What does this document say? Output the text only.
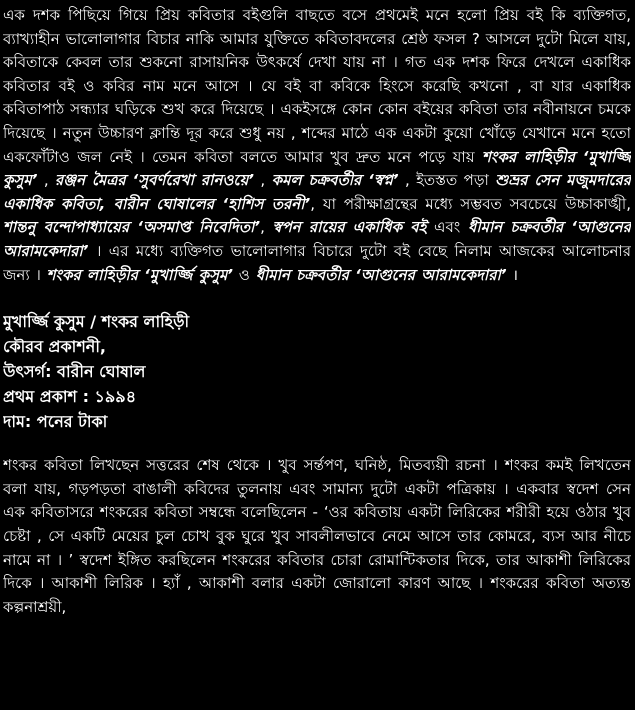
এক দশক পিছিয়ে গিয়ে প্রিয় কবিতার বইগুলি বাছতে বসে প্রথমেই মনে হলো প্রিয় বই কি ব্যক্তিগত, ব্যাখ্যাহীন ভালোলাগার বিচার নাকি আমার যুক্তিতে কবিতাবদলের শ্রেষ্ঠ ফসল ? আসলে দুটো মিলে যায়, কবিতাকে কেবল তার শুকনো রাসায়নিক উৎকর্ষে দেখা যায় না । গত এক দশক ফিরে দেখলে একাধিক কবিতার বই ও কবির নাম মনে আসে । যে বই বা কবিকে হিংসে করেছি কখনো , বা যার একাধিক কবিতাপাঠ সন্ধ্যার ঘড়িকে শুখ করে দিয়েছে । একইসঙ্গে কোন কোন বইয়ের কবিতা তার নবীনায়নে চমকে দিয়েছে । নতুন উচ্চারণ ক্লান্তি দূর করে শুধু নয় , শব্দের মাঠে এক একটা কুয়ো খোঁড়ে যেখানে মনে হতো একফোঁটাও জল নেই । তেমন কবিতা বলতে আমার খুব দ্রুত মনে পড়ে যায় শংকর লাহিড়ীর ‘মুখার্জ্জি কুসুম’ , রঞ্জন মৈত্রর ‘সুবর্ণরেখা রানওয়ে’ , কমল চক্রবর্তীর ‘স্বপ্ন’ , ইতস্তত পড়া শুভ্রর সেন মজুমদারের একাধিক কবিতা, বারীন ঘোষালের ‘হাশিস তরনী’, যা পরীক্ষাগ্রন্থের মধ্যে সম্ভবত সবচেয়ে উচ্চাকাঙ্খী, শান্তনু বন্দোপাধ্যায়ের ‘অসমাপ্ত নিবেদিতা’, স্বপন রায়ের একাধিক বই এবং ধীমান চক্রবর্তীর ‘আগুনের আরামকেদারা’ । এর মধ্যে ব্যক্তিগত ভালোলাগার বিচারে দুটো বই বেছে নিলাম আজকের আলোচনার জন্য । শংকর লাহিড়ীর ‘মুখার্জ্জি কুসুম’ ও ধীমান চক্রবর্তীর ‘আগুনের আরামকেদারা’ ।

মুখার্জ্জি কুসুম / শংকর লাহিড়ী
কৌরব প্রকাশনী,
উৎসর্গ: বারীন ঘোষাল
প্রথম প্রকাশ : ১৯৯৪
দাম: পনের টাকা

শংকর কবিতা লিখছেন সত্তরের শেষ থেকে । খুব সর্ন্তপণ, ঘনিষ্ঠ, মিতব্যয়ী রচনা । শংকর কমই লিখতেন বলা যায়, গড়পড়তা বাঙালী কবিদের তুলনায় এবং সামান্য দুটো একটা পত্রিকায় । একবার স্বদেশ সেন এক কবিতাসরে শংকরের কবিতা সম্বন্ধে বলেছিলেন - ‘ওর কবিতায় একটা লিরিকের শরীরী হয়ে ওঠার খুব চেষ্টা , সে একটি মেয়ের চুল চোখ বুক ঘুরে খুব সাবলীলভাবে নেমে আসে তার কোমরে, ব্যস আর নীচে নামে না । ’ স্বদেশ ইঙ্গিত করছিলেন শংকরের কবিতার চোরা রোমান্টিকতার দিকে, তার আকাশী লিরিকের দিকে । আকাশী লিরিক । হ্যাঁ , আকাশী বলার একটা জোরালো কারণ আছে । শংকরের কবিতা অত্যন্ত কল্পনাশ্রয়ী,
